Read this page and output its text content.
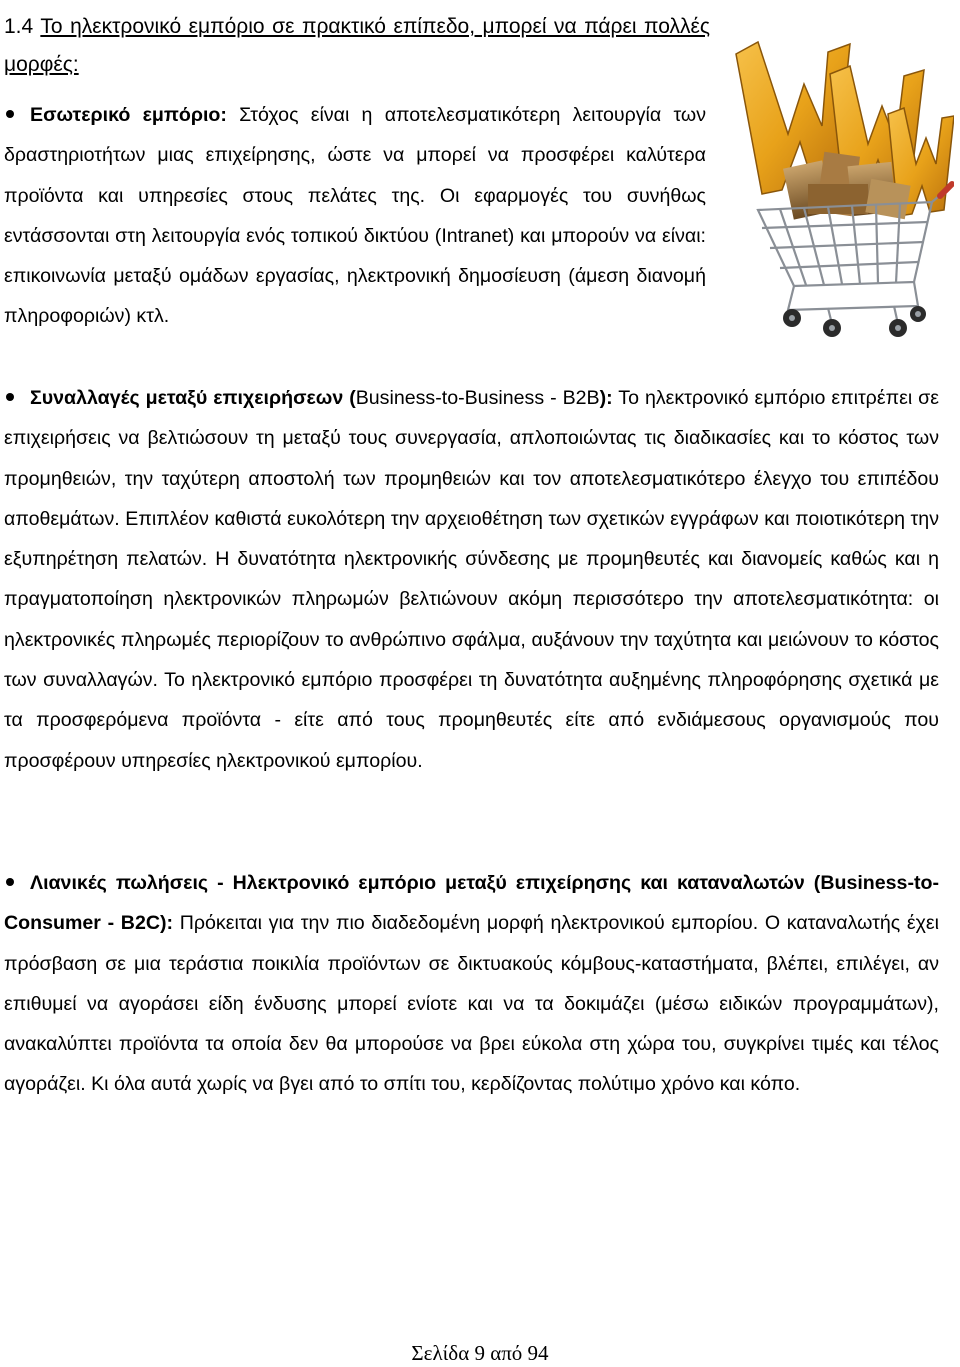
1.4 Το ηλεκτρονικό εμπόριο σε πρακτικό επίπεδο, μπορεί να πάρει πολλές μορφές:

Εσωτερικό εμπόριο: Στόχος είναι η αποτελεσματικότερη λειτουργία των δραστηριοτήτων μιας επιχείρησης, ώστε να μπορεί να προσφέρει καλύτερα προϊόντα και υπηρεσίες στους πελάτες της. Οι εφαρμογές του συνήθως εντάσσονται στη λειτουργία ενός τοπικού δικτύου (Intranet) και μπορούν να είναι: επικοινωνία μεταξύ ομάδων εργασίας, ηλεκτρονική δημοσίευση (άμεση διανομή πληροφοριών) κτλ.

Συναλλαγές μεταξύ επιχειρήσεων (Business-to-Business - B2B): Το ηλεκτρονικό εμπόριο επιτρέπει σε επιχειρήσεις να βελτιώσουν τη μεταξύ τους συνεργασία, απλοποιώντας τις διαδικασίες και το κόστος των προμηθειών, την ταχύτερη αποστολή των προμηθειών και τον αποτελεσματικότερο έλεγχο του επιπέδου αποθεμάτων. Επιπλέον καθιστά ευκολότερη την αρχειοθέτηση των σχετικών εγγράφων και ποιοτικότερη την εξυπηρέτηση πελατών. Η δυνατότητα ηλεκτρονικής σύνδεσης με προμηθευτές και διανομείς καθώς και η πραγματοποίηση ηλεκτρονικών πληρωμών βελτιώνουν ακόμη περισσότερο την αποτελεσματικότητα: οι ηλεκτρονικές πληρωμές περιορίζουν το ανθρώπινο σφάλμα, αυξάνουν την ταχύτητα και μειώνουν το κόστος των συναλλαγών. Το ηλεκτρονικό εμπόριο προσφέρει τη δυνατότητα αυξημένης πληροφόρησης σχετικά με τα προσφερόμενα προϊόντα - είτε από τους προμηθευτές είτε από ενδιάμεσους οργανισμούς που προσφέρουν υπηρεσίες ηλεκτρονικού εμπορίου.

Λιανικές πωλήσεις - Ηλεκτρονικό εμπόριο μεταξύ επιχείρησης και καταναλωτών (Business-to-Consumer - B2C): Πρόκειται για την πιο διαδεδομένη μορφή ηλεκτρονικού εμπορίου. Ο καταναλωτής έχει πρόσβαση σε μια τεράστια ποικιλία προϊόντων σε δικτυακούς κόμβους-καταστήματα, βλέπει, επιλέγει, αν επιθυμεί να αγοράσει είδη ένδυσης μπορεί ενίοτε και να τα δοκιμάζει (μέσω ειδικών προγραμμάτων), ανακαλύπτει προϊόντα τα οποία δεν θα μπορούσε να βρει εύκολα στη χώρα του, συγκρίνει τιμές και τέλος αγοράζει. Κι όλα αυτά χωρίς να βγει από το σπίτι του, κερδίζοντας πολύτιμο χρόνο και κόπο.

Σελίδα 9 από 94
